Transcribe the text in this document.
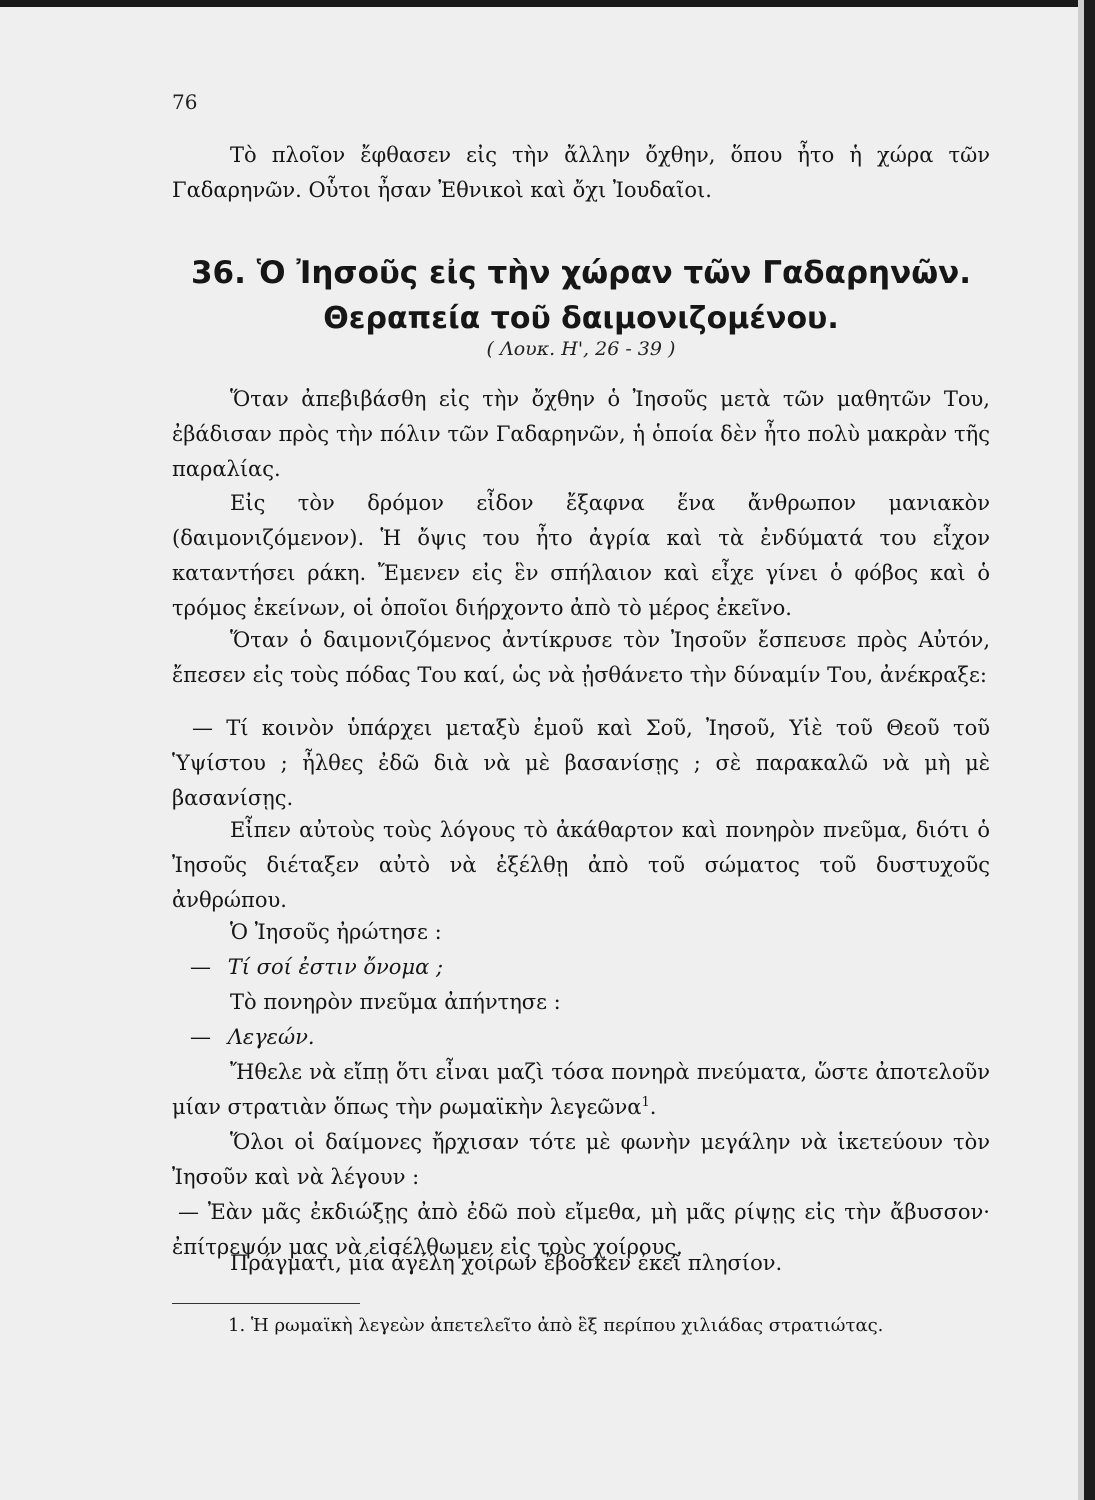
76

Τὸ πλοῖον ἔφθασεν εἰς τὴν ἄλλην ὄχθην, ὅπου ἦτο ἡ χώρα τῶν Γαδαρηνῶν. Οὗτοι ἦσαν Ἐθνικοὶ καὶ ὄχι Ἰουδαῖοι.

36. Ὁ Ἰησοῦς εἰς τὴν χώραν τῶν Γαδαρηνῶν.
Θεραπεία τοῦ δαιμονιζομένου.
( Λουκ. Η', 26 - 39 )

Ὅταν ἀπεβιβάσθη εἰς τὴν ὄχθην ὁ Ἰησοῦς μετὰ τῶν μαθητῶν Του, ἐβάδισαν πρὸς τὴν πόλιν τῶν Γαδαρηνῶν, ἡ ὁποία δὲν ἦτο πολὺ μακρὰν τῆς παραλίας.

Εἰς τὸν δρόμον εἶδον ἔξαφνα ἕνα ἄνθρωπον μανιακὸν (δαιμονιζόμενον). Ἡ ὄψις του ἦτο ἀγρία καὶ τὰ ἐνδύματά του εἶχον καταντήσει ράκη. Ἔμενεν εἰς ἓν σπήλαιον καὶ εἶχε γίνει ὁ φόβος καὶ ὁ τρόμος ἐκείνων, οἱ ὁποῖοι διήρχοντο ἀπὸ τὸ μέρος ἐκεῖνο.

Ὅταν ὁ δαιμονιζόμενος ἀντίκρυσε τὸν Ἰησοῦν ἔσπευσε πρὸς Αὐτόν, ἔπεσεν εἰς τοὺς πόδας Του καί, ὡς νὰ ᾐσθάνετο τὴν δύναμίν Του, ἀνέκραξε:

— Τί κοινὸν ὑπάρχει μεταξὺ ἐμοῦ καὶ Σοῦ, Ἰησοῦ, Υἱὲ τοῦ Θεοῦ τοῦ Ὑψίστου ; ἦλθες ἐδῶ διὰ νὰ μὲ βασανίσῃς ; σὲ παρακαλῶ νὰ μὴ μὲ βασανίσῃς.

Εἶπεν αὐτοὺς τοὺς λόγους τὸ ἀκάθαρτον καὶ πονηρὸν πνεῦμα, διότι ὁ Ἰησοῦς διέταξεν αὐτὸ νὰ ἐξέλθῃ ἀπὸ τοῦ σώματος τοῦ δυστυχοῦς ἀνθρώπου.

Ὁ Ἰησοῦς ἠρώτησε :
— Τί σοί ἐστιν ὄνομα ;
Τὸ πονηρὸν πνεῦμα ἀπήντησε :
— Λεγεών.

Ἤθελε νὰ εἴπῃ ὅτι εἶναι μαζὶ τόσα πονηρὰ πνεύματα, ὥστε ἀποτελοῦν μίαν στρατιὰν ὅπως τὴν ρωμαϊκὴν λεγεῶνα$^1$.

Ὅλοι οἱ δαίμονες ἤρχισαν τότε μὲ φωνὴν μεγάλην νὰ ἱκετεύουν τὸν Ἰησοῦν καὶ νὰ λέγουν :

— Ἐὰν μᾶς ἐκδιώξῃς ἀπὸ ἐδῶ ποὺ εἴμεθα, μὴ μᾶς ρίψῃς εἰς τὴν ἄβυσσον· ἐπίτρεψόν μας νὰ εἰσέλθωμεν εἰς τοὺς χοίρους.

Πράγματι, μία ἀγέλη χοίρων ἔβοσκεν ἐκεῖ πλησίον.

1. Ἡ ρωμαϊκὴ λεγεὼν ἀπετελεῖτο ἀπὸ ἓξ περίπου χιλιάδας στρατιώτας.
